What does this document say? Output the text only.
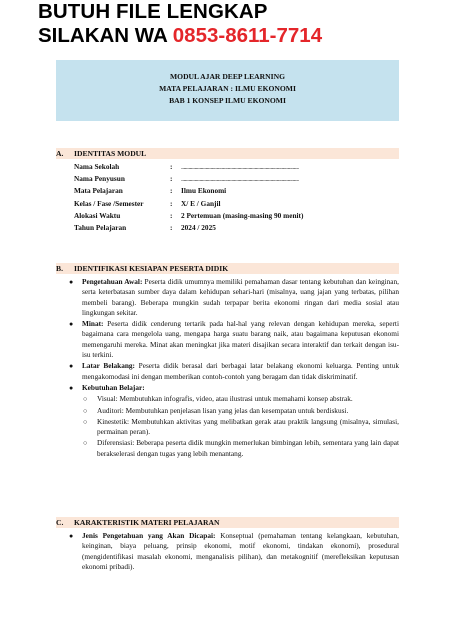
BUTUH FILE LENGKAP
SILAKAN WA 0853-8611-7714
MODUL AJAR DEEP LEARNING
MATA PELAJARAN : ILMU EKONOMI
BAB 1 KONSEP ILMU EKONOMI
A. IDENTITAS MODUL
Nama Sekolah	: ................................................................................................
Nama Penyusun	: ................................................................................................
Mata Pelajaran	: Ilmu Ekonomi
Kelas / Fase /Semester	: X/ E / Ganjil
Alokasi Waktu	: 2 Pertemuan (masing-masing 90 menit)
Tahun Pelajaran	: 2024 / 2025
B. IDENTIFIKASI KESIAPAN PESERTA DIDIK
● Pengetahuan Awal: Peserta didik umumnya memiliki pemahaman dasar tentang kebutuhan dan keinginan, serta keterbatasan sumber daya dalam kehidupan sehari-hari (misalnya, uang jajan yang terbatas, pilihan membeli barang). Beberapa mungkin sudah terpapar berita ekonomi ringan dari media sosial atau lingkungan sekitar.
● Minat: Peserta didik cenderung tertarik pada hal-hal yang relevan dengan kehidupan mereka, seperti bagaimana cara mengelola uang, mengapa harga suatu barang naik, atau bagaimana keputusan ekonomi memengaruhi mereka. Minat akan meningkat jika materi disajikan secara interaktif dan terkait dengan isu-isu terkini.
● Latar Belakang: Peserta didik berasal dari berbagai latar belakang ekonomi keluarga. Penting untuk mengakomodasi ini dengan memberikan contoh-contoh yang beragam dan tidak diskriminatif.
● Kebutuhan Belajar:
○ Visual: Membutuhkan infografis, video, atau ilustrasi untuk memahami konsep abstrak.
○ Auditori: Membutuhkan penjelasan lisan yang jelas dan kesempatan untuk berdiskusi.
○ Kinestetik: Membutuhkan aktivitas yang melibatkan gerak atau praktik langsung (misalnya, simulasi, permainan peran).
○ Diferensiasi: Beberapa peserta didik mungkin memerlukan bimbingan lebih, sementara yang lain dapat berakselerasi dengan tugas yang lebih menantang.
C. KARAKTERISTIK MATERI PELAJARAN
● Jenis Pengetahuan yang Akan Dicapai: Konseptual (pemahaman tentang kelangkaan, kebutuhan, keinginan, biaya peluang, prinsip ekonomi, motif ekonomi, tindakan ekonomi), prosedural (mengidentifikasi masalah ekonomi, menganalisis pilihan), dan metakognitif (merefleksikan keputusan ekonomi pribadi).
